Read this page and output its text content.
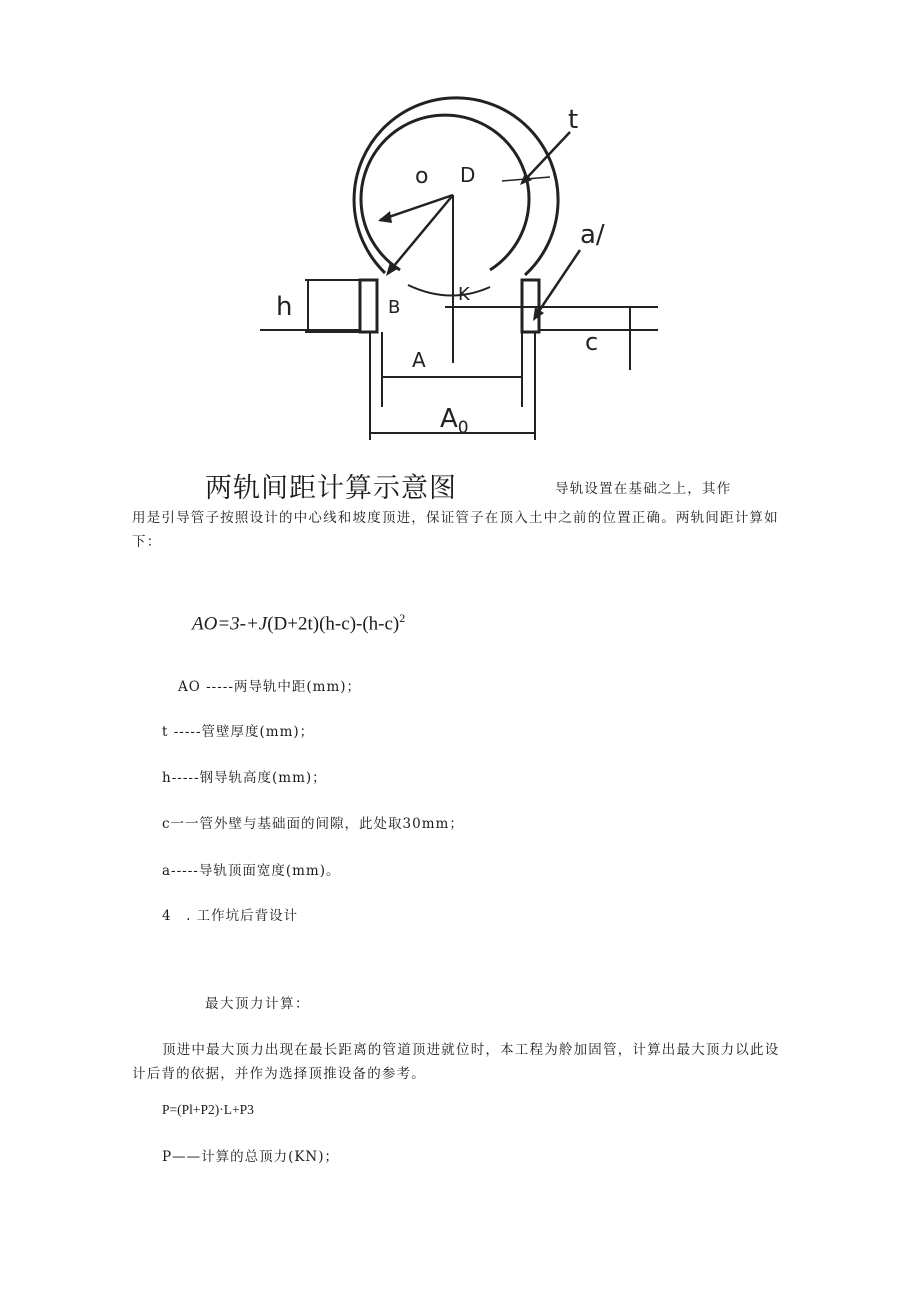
t
o D
a/
h	B
K
c
A
$A_0$
两轨间距计算示意图	导轨设置在基础之上，其作
用是引导管子按照设计的中心线和坡度顶进，保证管子在顶入土中之前的位置正确。两轨间距计算如下：
$AO=3-+J(D+2t)(h-c)-(h-c)^2$
AO -----两导轨中距(mm)；
t -----管壁厚度(mm)；
h-----钢导轨高度(mm)；
c一一管外壁与基础面的间隙，此处取30mm；
a-----导轨顶面宽度(mm)。
4　. 工作坑后背设计
最大顶力计算：
顶进中最大顶力出现在最长距离的管道顶进就位时，本工程为舲加固管，计算出最大顶力以此设计后背的依据，并作为选择顶推设备的参考。
P=(Pl+P2)·L+P3
P——计算的总顶力(KN)；
